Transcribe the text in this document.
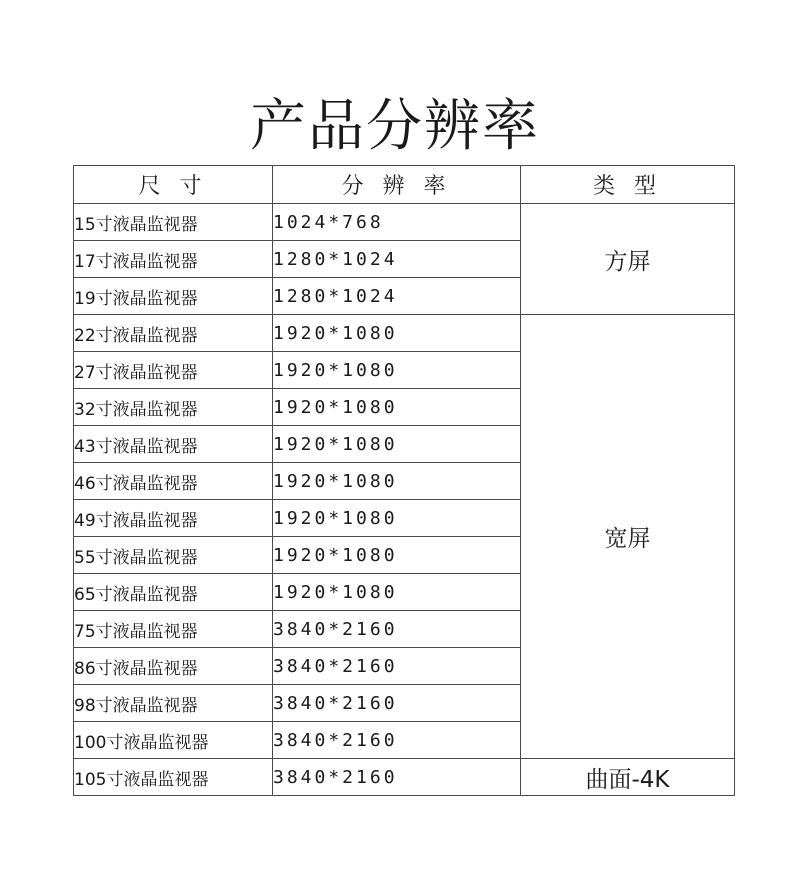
产品分辨率
尺 寸	分 辨 率	类 型
15寸液晶监视器	1024*768	方屏
17寸液晶监视器	1280*1024	
19寸液晶监视器	1280*1024	
22寸液晶监视器	1920*1080	宽屏
27寸液晶监视器	1920*1080	
32寸液晶监视器	1920*1080	
43寸液晶监视器	1920*1080	
46寸液晶监视器	1920*1080	
49寸液晶监视器	1920*1080	
55寸液晶监视器	1920*1080	
65寸液晶监视器	1920*1080	
75寸液晶监视器	3840*2160	
86寸液晶监视器	3840*2160	
98寸液晶监视器	3840*2160	
100寸液晶监视器	3840*2160	
105寸液晶监视器	3840*2160	曲面-4K
